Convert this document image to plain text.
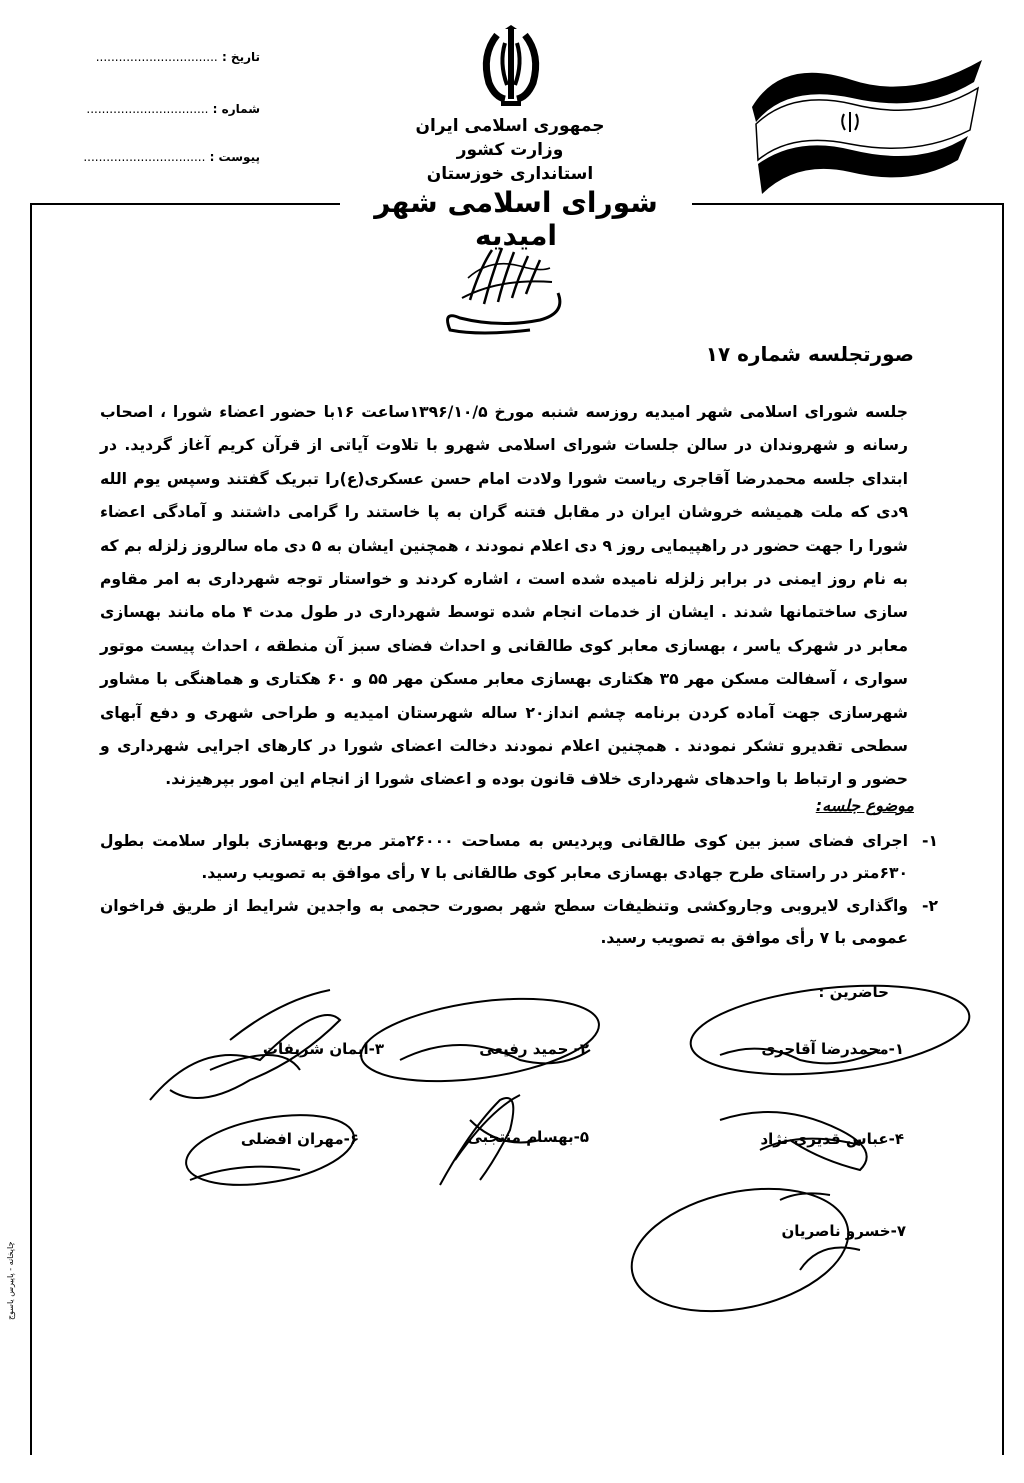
تاریخ : ................................
شماره : ................................
پیوست : ................................
جمهوری اسلامی ایران
وزارت کشور
استانداری خوزستان
شورای اسلامی شهر امیدیه
صورتجلسه شماره ۱۷
جلسه شورای اسلامی شهر امیدیه روزسه شنبه مورخ ۱۳۹۶/۱۰/۵ساعت ۱۶با حضور اعضاء شورا ، اصحاب رسانه و شهروندان در سالن جلسات شورای اسلامی شهرو با تلاوت آیاتی از قرآن کریم آغاز گردید. در ابتدای جلسه محمدرضا آقاجری ریاست شورا ولادت امام حسن عسکری(ع)را تبریک گفتند وسپس یوم الله ۹دی که ملت همیشه خروشان ایران در مقابل فتنه گران به پا خاستند را گرامی داشتند و آمادگی اعضاء شورا را جهت حضور در راهپیمایی روز ۹ دی اعلام نمودند ، همچنین ایشان به ۵ دی ماه سالروز زلزله بم که به نام روز ایمنی در برابر زلزله نامیده شده است ، اشاره کردند و خواستار توجه شهرداری به امر مقاوم سازی ساختمانها شدند . ایشان از خدمات انجام شده توسط شهرداری در طول مدت ۴ ماه مانند بهسازی معابر در شهرک یاسر ، بهسازی معابر کوی طالقانی و احداث فضای سبز آن منطقه ، احداث پیست موتور سواری ، آسفالت مسکن مهر ۳۵ هکتاری بهسازی معابر مسکن مهر ۵۵ و ۶۰ هکتاری و هماهنگی با مشاور شهرسازی جهت آماده کردن برنامه چشم انداز۲۰ ساله شهرستان امیدیه و طراحی شهری و دفع آبهای سطحی تقدیرو تشکر نمودند . همچنین اعلام نمودند دخالت اعضای شورا در کارهای اجرایی شهرداری و حضور و ارتباط با واحدهای شهرداری خلاف قانون بوده و اعضای شورا از انجام این امور بپرهیزند.
موضوع جلسه:
۱-
اجرای فضای سبز بین کوی طالقانی وپردیس به مساحت ۲۶۰۰۰متر مربع وبهسازی بلوار سلامت بطول ۶۳۰متر در راستای طرح جهادی بهسازی معابر کوی طالقانی با ۷ رأی موافق به تصویب رسید.
۲-
واگذاری لایروبی وجاروکشی وتنظیفات سطح شهر بصورت حجمی به واجدین شرایط از طریق فراخوان عمومی با ۷ رأی موافق به تصویب رسید.
حاضرین :
۱-محمدرضا آقاجری
۲- حمید رفیعی
۳-ایمان شریفات
۴-عباس قدیری نژاد
۵-بهسام منتجبی
۶-مهران افضلی
۷-خسرو ناصریان
چاپخانه - پاپیرس یاسوج
